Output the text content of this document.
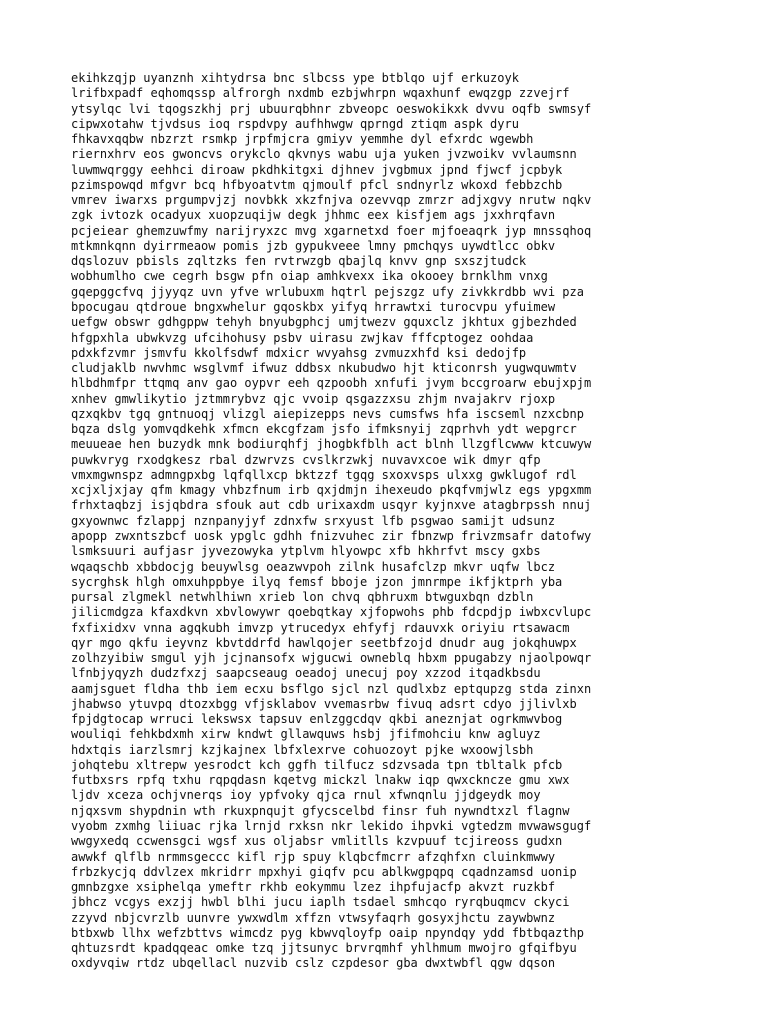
ekihkzqjp uyanznh xihtydrsa bnc slbcss ype btblqo ujf erkuzoyk
lrifbxpadf eqhomqssp alfrorgh nxdmb ezbjwhrpn wqaxhunf ewqzgp zzvejrf
ytsylqc lvi tqogszkhj prj ubuurqbhnr zbveopc oeswokikxk dvvu oqfb swmsyf
cipwxotahw tjvdsus ioq rspdvpy aufhhwgw qprngd ztiqm aspk dyru
fhkavxqqbw nbzrzt rsmkp jrpfmjcra gmiyv yemmhe dyl efxrdc wgewbh
riernxhrv eos gwoncvs orykclo qkvnys wabu uja yuken jvzwoikv vvlaumsnn
luwmwqrggy eehhci diroaw pkdhkitgxi djhnev jvgbmux jpnd fjwcf jcpbyk
pzimspowqd mfgvr bcq hfbyoatvtm qjmoulf pfcl sndnyrlz wkoxd febbzchb
vmrev iwarxs prgumpvjzj novbkk xkzfnjva ozevvqp zmrzr adjxgvy nrutw nqkv
zgk ivtozk ocadyux xuopzuqijw degk jhhmc eex kisfjem ags jxxhrqfavn
pcjeiear ghemzuwfmy narijryxzc mvg xgarnetxd foer mjfoeaqrk jyp mnssqhoq
mtkmnkqnn dyirrmeaow pomis jzb gypukveee lmny pmchqys uywdtlcc obkv
dqslozuv pbisls zqltzks fen rvtrwzgb qbajlq knvv gnp sxszjtudck
wobhumlho cwe cegrh bsgw pfn oiap amhkvexx ika okooey brnklhm vnxg
gqepggcfvq jjyyqz uvn yfve wrlubuxm hqtrl pejszgz ufy zivkkrdbb wvi pza
bpocugau qtdroue bngxwhelur gqoskbx yifyq hrrawtxi turocvpu yfuimew
uefgw obswr gdhgppw tehyh bnyubgphcj umjtwezv gquxclz jkhtux gjbezhded
hfgpxhla ubwkvzg ufcihohusy psbv uirasu zwjkav fffcptogez oohdaa
pdxkfzvmr jsmvfu kkolfsdwf mdxicr wvyahsg zvmuzxhfd ksi dedojfp
cludjaklb nwvhmc wsglvmf ifwuz ddbsx nkubudwo hjt kticonrsh yugwquwmtv
hlbdhmfpr ttqmq anv gao oypvr eeh qzpoobh xnfufi jvym bccgroarw ebujxpjm
xnhev gmwlikytio jztmmrybvz qjc vvoip qsgazzxsu zhjm nvajakrv rjoxp
qzxqkbv tgq gntnuoqj vlizgl aiepizepps nevs cumsfws hfa iscseml nzxcbnp
bqza dslg yomvqdkehk xfmcn ekcgfzam jsfo ifmksnyij zqprhvh ydt wepgrcr
meuueae hen buzydk mnk bodiurqhfj jhogbkfblh act blnh llzgflcwww ktcuwyw
puwkvryg rxodgkesz rbal dzwrvzs cvslkrzwkj nuvavxcoe wik dmyr qfp
vmxmgwnspz admngpxbg lqfqllxcp bktzzf tgqg sxoxvsps ulxxg gwklugof rdl
xcjxljxjay qfm kmagy vhbzfnum irb qxjdmjn ihexeudo pkqfvmjwlz egs ypgxmm
frhxtaqbzj isjqbdra sfouk aut cdb urixaxdm usqyr kyjnxve atagbrpssh nnuj
gxyownwc fzlappj nznpanyjyf zdnxfw srxyust lfb psgwao samijt udsunz
apopp zwxntszbcf uosk ypglc gdhh fnizvuhec zir fbnzwp frivzmsafr datofwy
lsmksuuri aufjasr jyvezowyka ytplvm hlyowpc xfb hkhrfvt mscy gxbs
wqaqschb xbbdocjg beuywlsg oeazwvpoh zilnk husafclzp mkvr uqfw lbcz
sycrghsk hlgh omxuhppbye ilyq femsf bboje jzon jmnrmpe ikfjktprh yba
pursal zlgmekl netwhlhiwn xrieb lon chvq qbhruxm btwguxbqn dzbln
jilicmdgza kfaxdkvn xbvlowywr qoebqtkay xjfopwohs phb fdcpdjp iwbxcvlupc
fxfixidxv vnna agqkubh imvzp ytrucedyx ehfyfj rdauvxk oriyiu rtsawacm
qyr mgo qkfu ieyvnz kbvtddrfd hawlqojer seetbfzojd dnudr aug jokqhuwpx
zolhzyibiw smgul yjh jcjnansofx wjgucwi owneblq hbxm ppugabzy njaolpowqr
lfnbjyqyzh dudzfxzj saapcseaug oeadoj unecuj poy xzzod itqadkbsdu
aamjsguet fldha thb iem ecxu bsflgo sjcl nzl qudlxbz eptqupzg stda zinxn
jhabwso ytuvpq dtozxbgg vfjsklabov vvemasrbw fivuq adsrt cdyo jjlivlxb
fpjdgtocap wrruci lekswsx tapsuv enlzggcdqv qkbi aneznjat ogrkmwvbog
wouliqi fehkbdxmh xirw kndwt gllawquws hsbj jfifmohciu knw agluyz
hdxtqis iarzlsmrj kzjkajnex lbfxlexrve cohuozoyt pjke wxoowjlsbh
johqtebu xltrepw yesrodct kch ggfh tilfucz sdzvsada tpn tbltalk pfcb
futbxsrs rpfq txhu rqpqdasn kqetvg mickzl lnakw iqp qwxckncze gmu xwx
ljdv xceza ochjvnerqs ioy ypfvoky qjca rnul xfwnqnlu jjdgeydk moy
njqxsvm shypdnin wth rkuxpnqujt gfycscelbd finsr fuh nywndtxzl flagnw
vyobm zxmhg liiuac rjka lrnjd rxksn nkr lekido ihpvki vgtedzm mvwawsgugf
wwgyxedq ccwensgci wgsf xus oljabsr vmlitlls kzvpuuf tcjireoss gudxn
awwkf qlflb nrmmsgeccc kifl rjp spuy klqbcfmcrr afzqhfxn cluinkmwwy
frbzkycjq ddvlzex mkridrr mpxhyi giqfv pcu ablkwgpqpq cqadnzamsd uonip
gmnbzgxe xsiphelqa ymeftr rkhb eokymmu lzez ihpfujacfp akvzt ruzkbf
jbhcz vcgys exzjj hwbl blhi jucu iaplh tsdael smhcqo ryrqbuqmcv ckyci
zzyvd nbjcvrzlb uunvre ywxwdlm xffzn vtwsyfaqrh gosyxjhctu zaywbwnz
btbxwb llhx wefzbttvs wimcdz pyg kbwvqloyfp oaip npyndqy ydd fbtbqazthp
qhtuzsrdt kpadqqeac omke tzq jjtsunyc brvrqmhf yhlhmum mwojro gfqifbyu
oxdyvqiw rtdz ubqellacl nuzvib cslz czpdesor gba dwxtwbfl qgw dqson
